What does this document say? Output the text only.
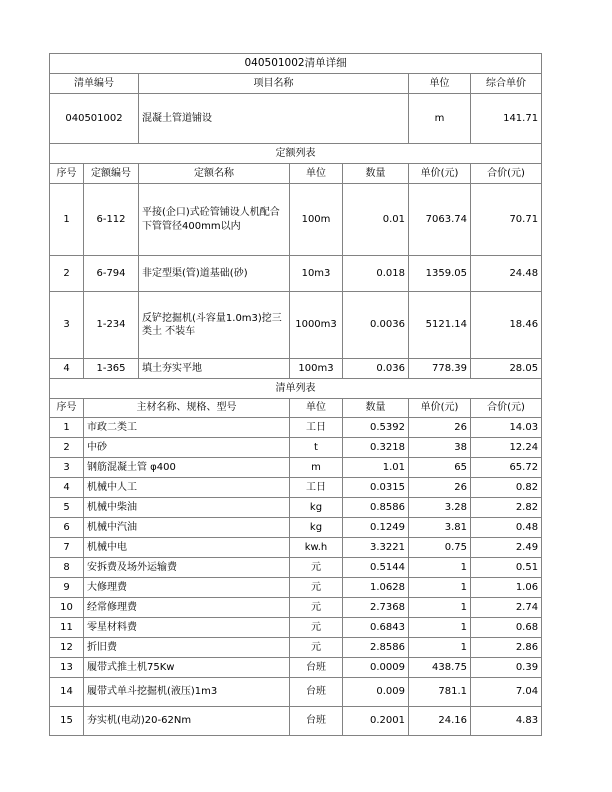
040501002清单详细						
清单编号		项目名称			单位	综合单价
040501002		混凝土管道铺设			m	141.71
定额列表						
序号	定额编号	定额名称	单位	数量	单价(元)	合价(元)
1	6-112	平接(企口)式砼管铺设人机配合下管管径400mm以内	100m	0.01	7063.74	70.71
2	6-794	非定型渠(管)道基础(砂)	10m3	0.018	1359.05	24.48
3	1-234	反铲挖掘机(斗容量1.0m3)挖三类土 不装车	1000m3	0.0036	5121.14	18.46
4	1-365	填土夯实平地	100m3	0.036	778.39	28.05
清单列表						
序号	主材名称、规格、型号		单位	数量	单价(元)	合价(元)
1	市政二类工		工日	0.5392	26	14.03
2	中砂		t	0.3218	38	12.24
3	钢筋混凝土管 φ400		m	1.01	65	65.72
4	机械中人工		工日	0.0315	26	0.82
5	机械中柴油		kg	0.8586	3.28	2.82
6	机械中汽油		kg	0.1249	3.81	0.48
7	机械中电		kw.h	3.3221	0.75	2.49
8	安拆费及场外运输费		元	0.5144	1	0.51
9	大修理费		元	1.0628	1	1.06
10	经常修理费		元	2.7368	1	2.74
11	零星材料费		元	0.6843	1	0.68
12	折旧费		元	2.8586	1	2.86
13	履带式推土机75Kw		台班	0.0009	438.75	0.39
14	履带式单斗挖掘机(液压)1m3		台班	0.009	781.1	7.04
15	夯实机(电动)20-62Nm		台班	0.2001	24.16	4.83
